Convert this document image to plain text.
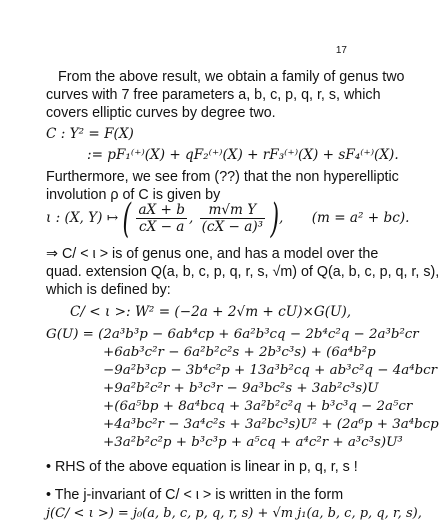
17
From the above result, we obtain a family of genus two
curves with 7 free parameters a, b, c, p, q, r, s, which
covers elliptic curves by degree two.
C : Y² = F(X)
:= pF₁⁽⁺⁾(X) + qF₂⁽⁺⁾(X) + rF₃⁽⁺⁾(X) + sF₄⁽⁺⁾(X).
Furthermore, we see from (??) that the non hyperelliptic
involution ρ of C is given by
ι : (X, Y) ↦ ( $\frac{aX + b}{cX - a}$ , $\frac{\text{m√m Y}}{\text{(cX − a)³}}$ ), (m = a² + bc).
⇒ C/ < ι > is of genus one, and has a model over the
quad. extension Q(a, b, c, p, q, r, s, √m) of Q(a, b, c, p, q, r, s),
which is defined by:
C/ < ι >: W² = (−2a + 2√m + cU)×G(U),
G(U) = (2a³b³p − 6ab⁴cp + 6a²b³cq − 2b⁴c²q − 2a³b²cr
+6ab³c²r − 6a²b²c²s + 2b³c³s) + (6a⁴b²p
−9a²b³cp − 3b⁴c²p + 13a³b²cq + ab³c²q − 4a⁴bcr
+9a²b²c²r + b³c³r − 9a³bc²s + 3ab²c³s)U
+(6a⁵bp + 8a⁴bcq + 3a²b²c²q + b³c³q − 2a⁵cr
+4a³bc²r − 3a⁴c²s + 3a²bc³s)U² + (2a⁶p + 3a⁴bcp
+3a²b²c²p + b³c³p + a⁵cq + a⁴c²r + a³c³s)U³
• RHS of the above equation is linear in p, q, r, s !
• The j-invariant of C/ < ι > is written in the form
j(C/ < ι >) = j₀(a, b, c, p, q, r, s) + √m j₁(a, b, c, p, q, r, s),
